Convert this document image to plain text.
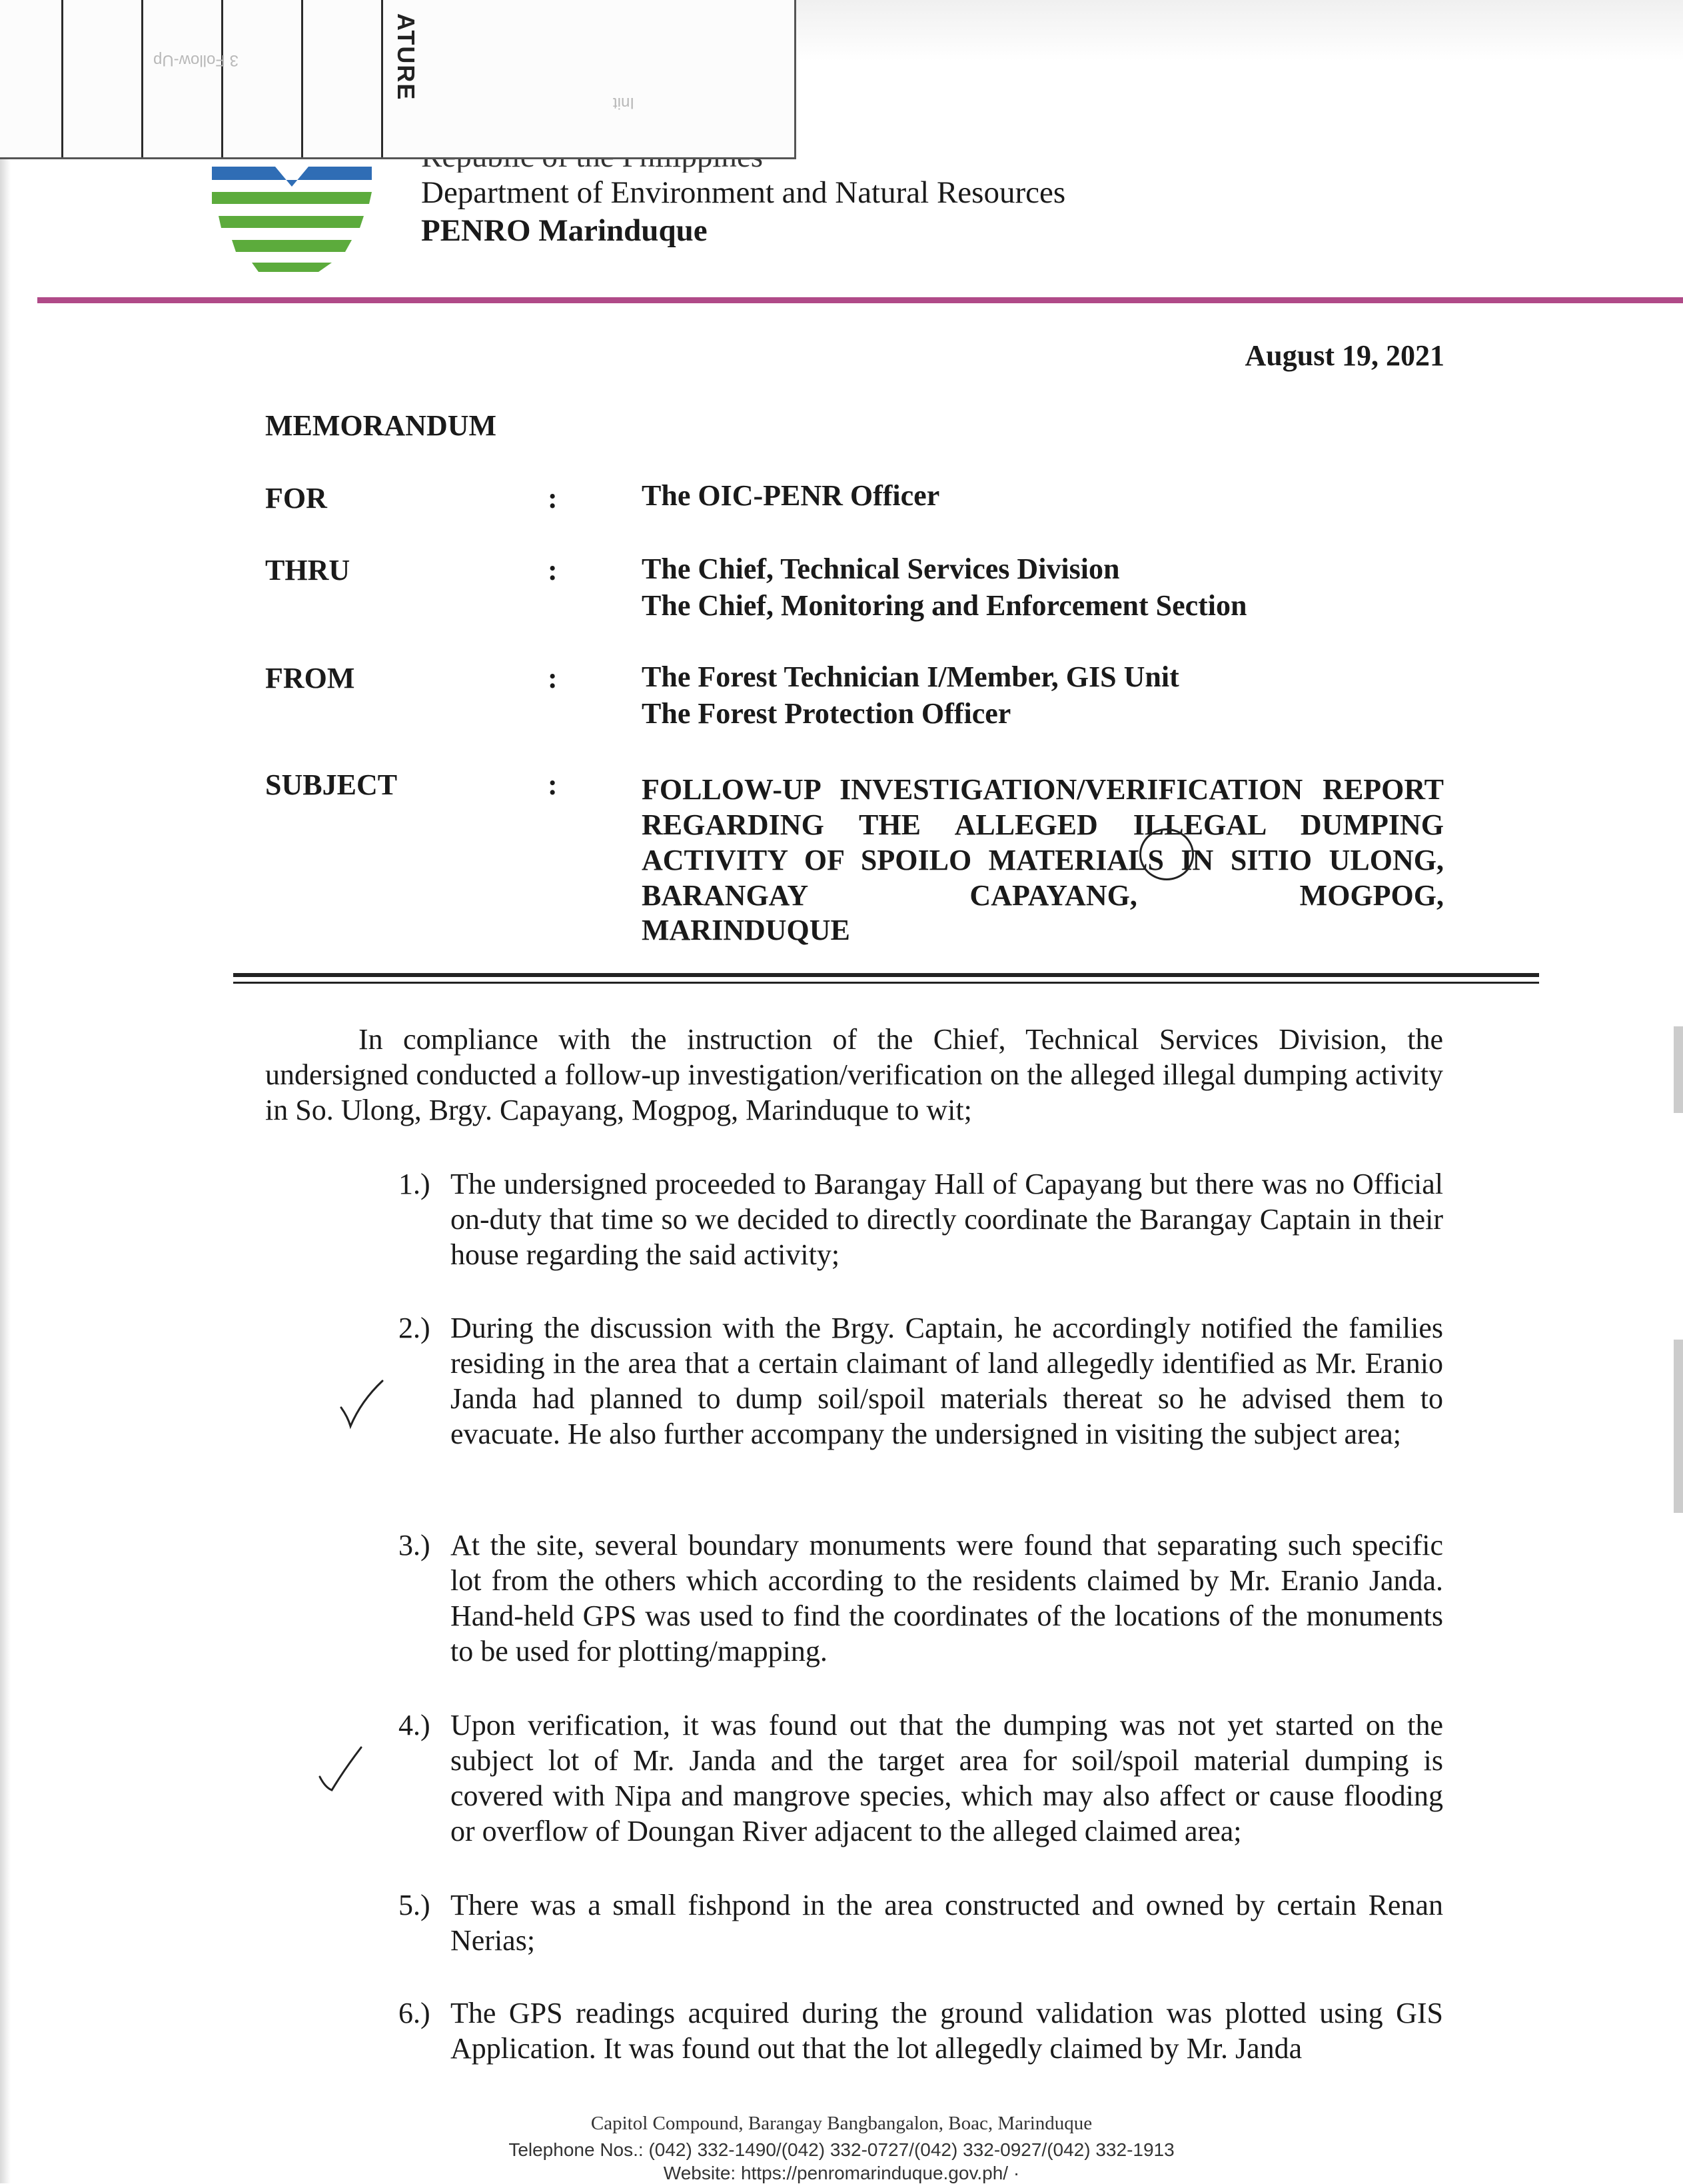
Department of Environment and Natural Resources
PENRO Marinduque
ATURE
3 Follow-Up
Init
August 19, 2021
MEMORANDUM
FOR	:	The OIC-PENR Officer
THRU	:	The Chief, Technical Services Division
The Chief, Monitoring and Enforcement Section
FROM	:	The Forest Technician I/Member, GIS Unit
The Forest Protection Officer
SUBJECT	:	FOLLOW-UP INVESTIGATION/VERIFICATION REPORT REGARDING THE ALLEGED ILLEGAL DUMPING ACTIVITY OF SPOILO MATERIALS IN SITIO ULONG, BARANGAY CAPAYANG, MOGPOG,
MARINDUQUE
In compliance with the instruction of the Chief, Technical Services Division, the undersigned conducted a follow-up investigation/verification on the alleged illegal dumping activity in So. Ulong, Brgy. Capayang, Mogpog, Marinduque to wit;
1.) The undersigned proceeded to Barangay Hall of Capayang but there was no Official on-duty that time so we decided to directly coordinate the Barangay Captain in their house regarding the said activity;
2.) During the discussion with the Brgy. Captain, he accordingly notified the families residing in the area that a certain claimant of land allegedly identified as Mr. Eranio Janda had planned to dump soil/spoil materials thereat so he advised them to evacuate. He also further accompany the undersigned in visiting the subject area;
3.) At the site, several boundary monuments were found that separating such specific lot from the others which according to the residents claimed by Mr. Eranio Janda. Hand-held GPS was used to find the coordinates of the locations of the monuments to be used for plotting/mapping.
4.) Upon verification, it was found out that the dumping was not yet started on the subject lot of Mr. Janda and the target area for soil/spoil material dumping is covered with Nipa and mangrove species, which may also affect or cause flooding or overflow of Doungan River adjacent to the alleged claimed area;
5.) There was a small fishpond in the area constructed and owned by certain Renan Nerias;
6.) The GPS readings acquired during the ground validation was plotted using GIS Application. It was found out that the lot allegedly claimed by Mr. Janda
Capitol Compound, Barangay Bangbangalon, Boac, Marinduque
Telephone Nos.: (042) 332-1490/(042) 332-0727/(042) 332-0927/(042) 332-1913
Website: https://penromarinduque.gov.ph/ ·
